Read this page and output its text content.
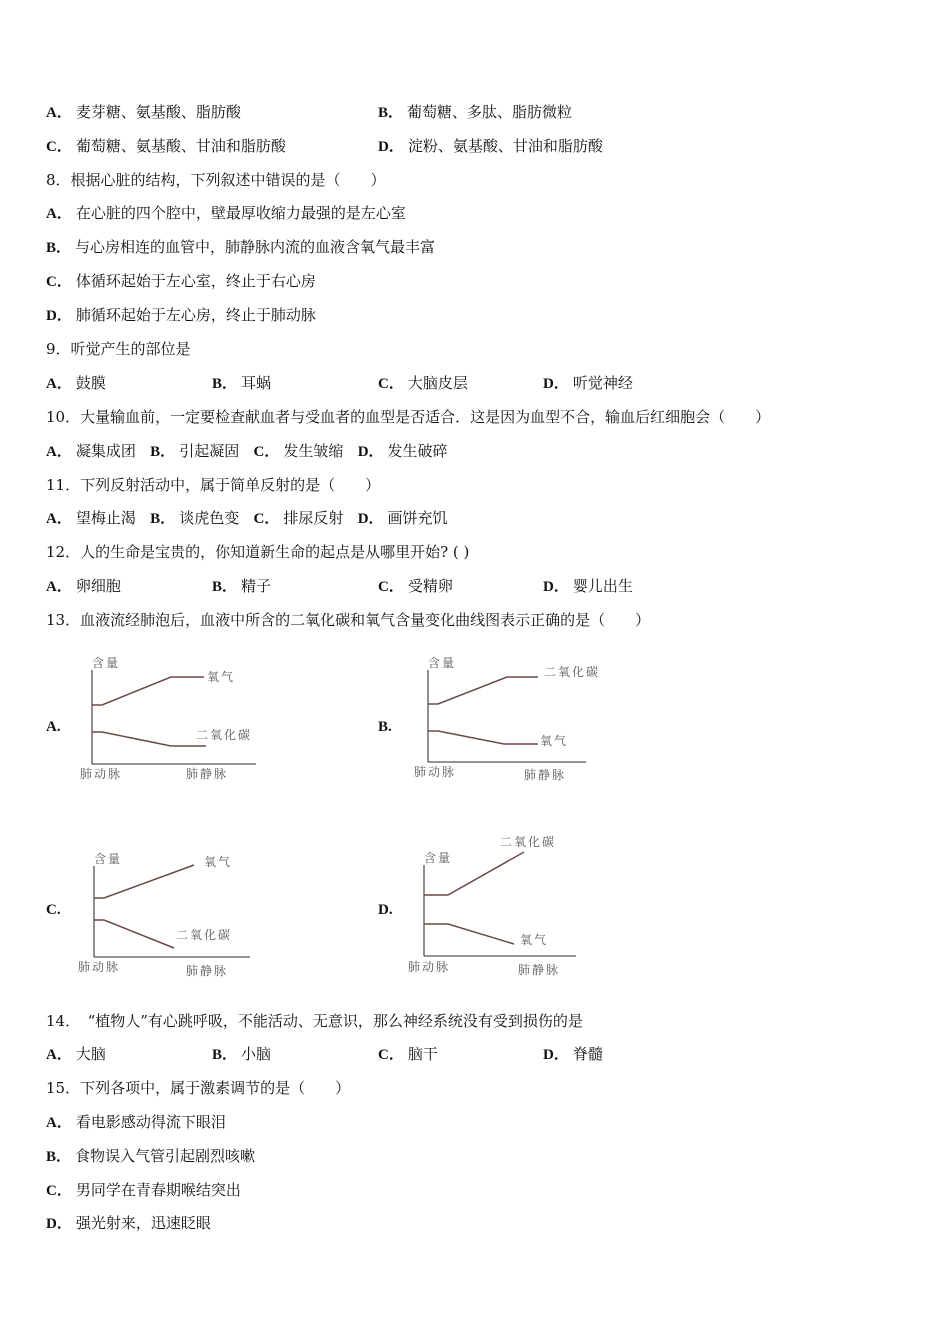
A． 麦芽糖、氨基酸、脂肪酸	B． 葡萄糖、多肽、脂肪微粒
C． 葡萄糖、氨基酸、甘油和脂肪酸	D． 淀粉、氨基酸、甘油和脂肪酸
8．根据心脏的结构，下列叙述中错误的是（　　）
A． 在心脏的四个腔中，壁最厚收缩力最强的是左心室
B． 与心房相连的血管中，肺静脉内流的血液含氧气最丰富
C． 体循环起始于左心室，终止于右心房
D． 肺循环起始于左心房，终止于肺动脉
9．听觉产生的部位是
A． 鼓膜	B． 耳蜗	C． 大脑皮层	D． 听觉神经
10．大量输血前，一定要检查献血者与受血者的血型是否适合．这是因为血型不合，输血后红细胞会（　　）
A． 凝集成团 B． 引起凝固 C． 发生皱缩 D． 发生破碎
11．下列反射活动中，属于简单反射的是（　　）
A． 望梅止渴 B． 谈虎色变 C． 排尿反射 D． 画饼充饥
12．人的生命是宝贵的，你知道新生命的起点是从哪里开始? ( )
A． 卵细胞	B． 精子	C． 受精卵	D． 婴儿出生
13．血液流经肺泡后，血液中所含的二氧化碳和氧气含量变化曲线图表示正确的是（　　）
A.
含量
氧气
二氧化碳
肺动脉	肺静脉
B.
含量
二氧化碳
氧气
肺动脉	肺静脉
C.
含量	氧气
二氧化碳
肺动脉	肺静脉
D.
含量
二氧化碳
氧气
肺动脉	肺静脉
14．　“植物人”有心跳呼吸，不能活动、无意识，那么神经系统没有受到损伤的是
A． 大脑	B． 小脑	C． 脑干	D． 脊髓
15．下列各项中，属于激素调节的是（　　）
A． 看电影感动得流下眼泪
B． 食物误入气管引起剧烈咳嗽
C． 男同学在青春期喉结突出
D． 强光射来，迅速眨眼
